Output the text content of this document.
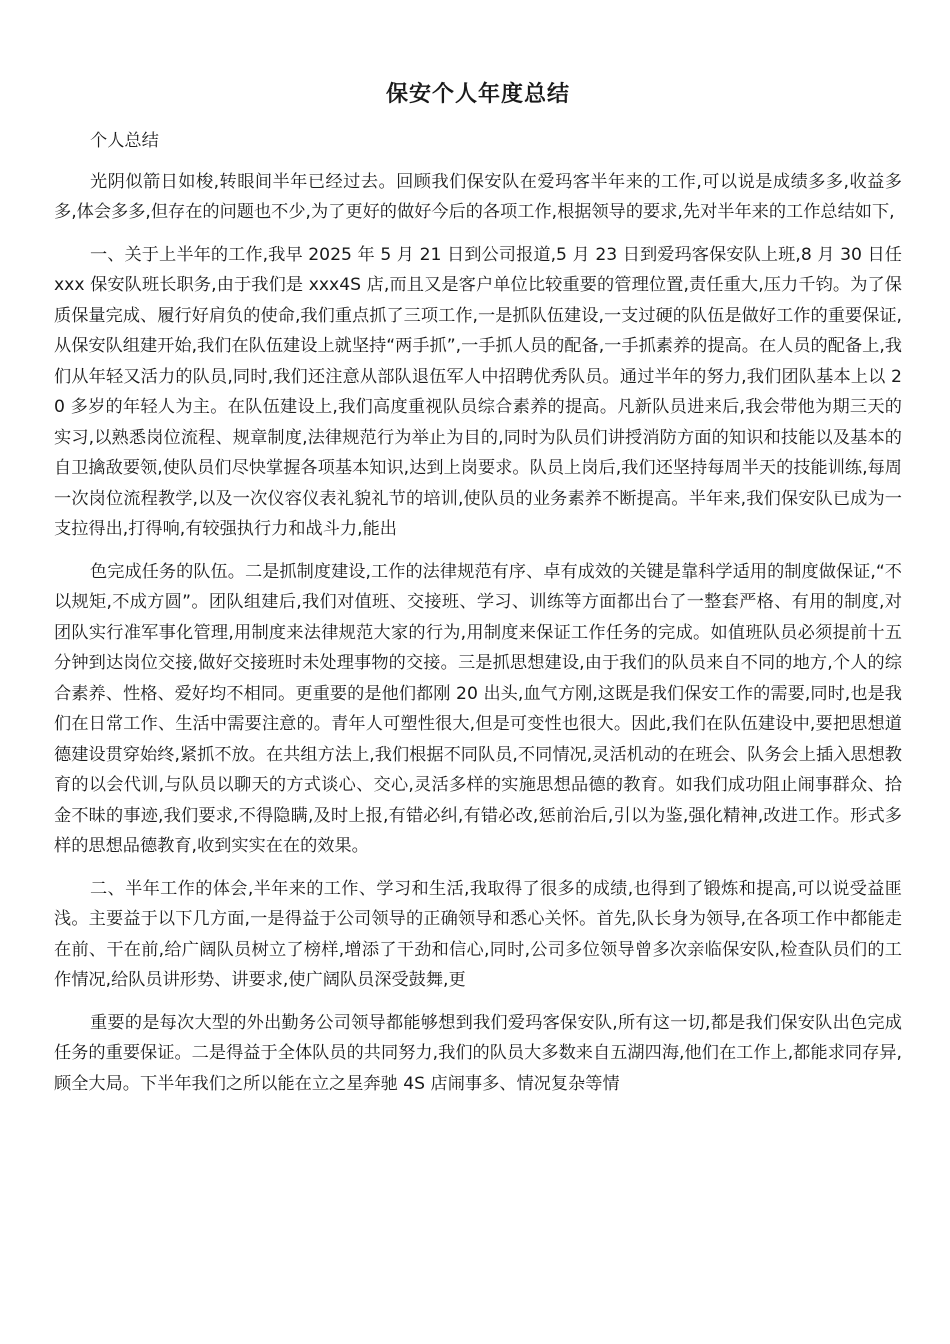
保安个人年度总结

个人总结

光阴似箭日如梭,转眼间半年已经过去。回顾我们保安队在爱玛客半年来的工作,可以说是成绩多多,收益多多,体会多多,但存在的问题也不少,为了更好的做好今后的各项工作,根据领导的要求,先对半年来的工作总结如下,

一、关于上半年的工作,我早 2025 年 5 月 21 日到公司报道,5 月 23 日到爱玛客保安队上班,8 月 30 日任 xxx 保安队班长职务,由于我们是 xxx4S 店,而且又是客户单位比较重要的管理位置,责任重大,压力千钧。为了保质保量完成、履行好肩负的使命,我们重点抓了三项工作,一是抓队伍建设,一支过硬的队伍是做好工作的重要保证,从保安队组建开始,我们在队伍建设上就坚持“两手抓”,一手抓人员的配备,一手抓素养的提高。在人员的配备上,我们从年轻又活力的队员,同时,我们还注意从部队退伍军人中招聘优秀队员。通过半年的努力,我们团队基本上以 20 多岁的年轻人为主。在队伍建设上,我们高度重视队员综合素养的提高。凡新队员进来后,我会带他为期三天的实习,以熟悉岗位流程、规章制度,法律规范行为举止为目的,同时为队员们讲授消防方面的知识和技能以及基本的自卫擒敌要领,使队员们尽快掌握各项基本知识,达到上岗要求。队员上岗后,我们还坚持每周半天的技能训练,每周一次岗位流程教学,以及一次仪容仪表礼貌礼节的培训,使队员的业务素养不断提高。半年来,我们保安队已成为一支拉得出,打得响,有较强执行力和战斗力,能出

色完成任务的队伍。二是抓制度建设,工作的法律规范有序、卓有成效的关键是靠科学适用的制度做保证,“不以规矩,不成方圆”。团队组建后,我们对值班、交接班、学习、训练等方面都出台了一整套严格、有用的制度,对团队实行准军事化管理,用制度来法律规范大家的行为,用制度来保证工作任务的完成。如值班队员必须提前十五分钟到达岗位交接,做好交接班时未处理事物的交接。三是抓思想建设,由于我们的队员来自不同的地方,个人的综合素养、性格、爱好均不相同。更重要的是他们都刚 20 出头,血气方刚,这既是我们保安工作的需要,同时,也是我们在日常工作、生活中需要注意的。青年人可塑性很大,但是可变性也很大。因此,我们在队伍建设中,要把思想道德建设贯穿始终,紧抓不放。在共组方法上,我们根据不同队员,不同情况,灵活机动的在班会、队务会上插入思想教育的以会代训,与队员以聊天的方式谈心、交心,灵活多样的实施思想品德的教育。如我们成功阻止闹事群众、拾金不昧的事迹,我们要求,不得隐瞒,及时上报,有错必纠,有错必改,惩前治后,引以为鉴,强化精神,改进工作。形式多样的思想品德教育,收到实实在在的效果。

二、半年工作的体会,半年来的工作、学习和生活,我取得了很多的成绩,也得到了锻炼和提高,可以说受益匪浅。主要益于以下几方面,一是得益于公司领导的正确领导和悉心关怀。首先,队长身为领导,在各项工作中都能走在前、干在前,给广阔队员树立了榜样,增添了干劲和信心,同时,公司多位领导曾多次亲临保安队,检查队员们的工作情况,给队员讲形势、讲要求,使广阔队员深受鼓舞,更

重要的是每次大型的外出勤务公司领导都能够想到我们爱玛客保安队,所有这一切,都是我们保安队出色完成任务的重要保证。二是得益于全体队员的共同努力,我们的队员大多数来自五湖四海,他们在工作上,都能求同存异,顾全大局。下半年我们之所以能在立之星奔驰 4S 店闹事多、情况复杂等情
